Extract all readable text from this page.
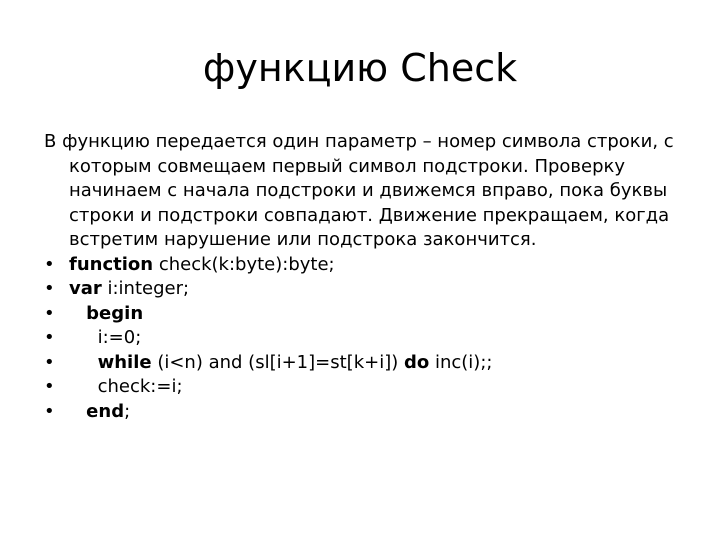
функцию Check

В функцию передается один параметр – номер символа строки, с которым совмещаем первый символ подстроки. Проверку начинаем с начала подстроки и движемся вправо, пока буквы строки и подстроки совпадают. Движение прекращаем, когда встретим нарушение или подстрока закончится.

• function check(k:byte):byte;
• var i:integer;
• begin
• i:=0;
• while (i<n) and (sl[i+1]=st[k+i]) do inc(i);;
• check:=i;
• end;
